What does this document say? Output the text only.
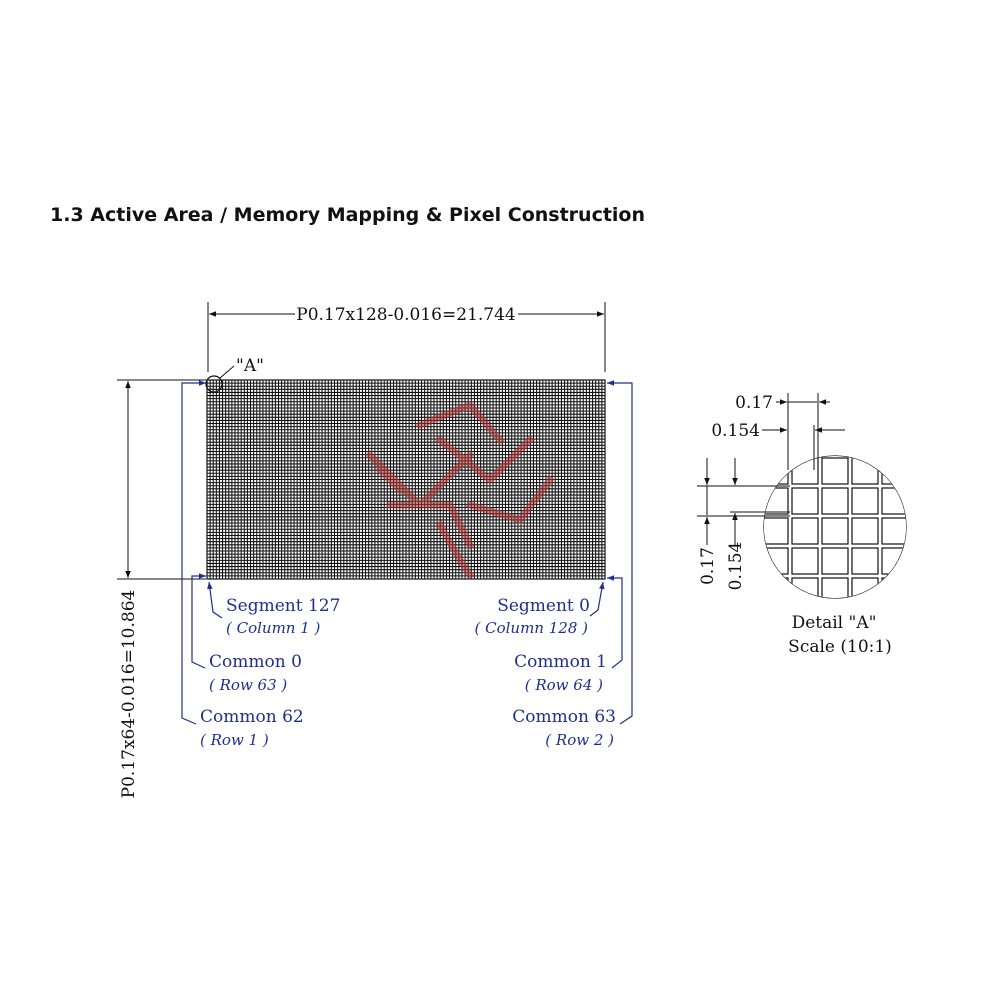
1.3 Active Area / Memory Mapping & Pixel Construction
P0.17x128-0.016=21.744
P0.17x64-0.016=10.864
"A"
Segment 127
( Column 1 )
Common 0
( Row 63 )
Common 62
( Row 1 )
Segment 0
( Column 128 )
Common 1
( Row 64 )
Common 63
( Row 2 )
0.17
0.154
0.17 0.154
Detail "A"
Scale (10:1)
